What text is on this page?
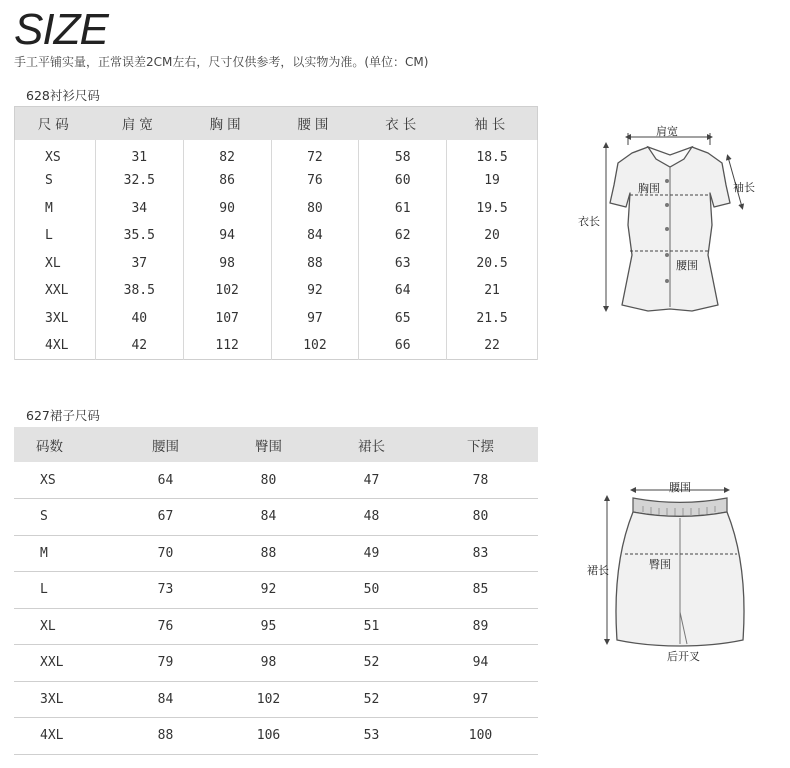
SIZE
手工平铺实量，正常误差2CM左右，尺寸仅供参考，以实物为准。(单位：CM)
628衬衫尺码
尺码	肩宽	胸围	腰围	衣长	袖长
XS	31	82	72	58	18.5
S	32.5	86	76	60	19
M	34	90	80	61	19.5
L	35.5	94	84	62	20
XL	37	98	88	63	20.5
XXL	38.5	102	92	64	21
3XL	40	107	97	65	21.5
4XL	42	112	102	66	22
627裙子尺码
码数	腰围	臀围	裙长	下摆
XS	64	80	47	78
S	67	84	48	80
M	70	88	49	83
L	73	92	50	85
XL	76	95	51	89
XXL	79	98	52	94
3XL	84	102	52	97
4XL	88	106	53	100
肩宽
袖长
胸围
衣长
腰围
腰围
臀围
裙长
后开叉
